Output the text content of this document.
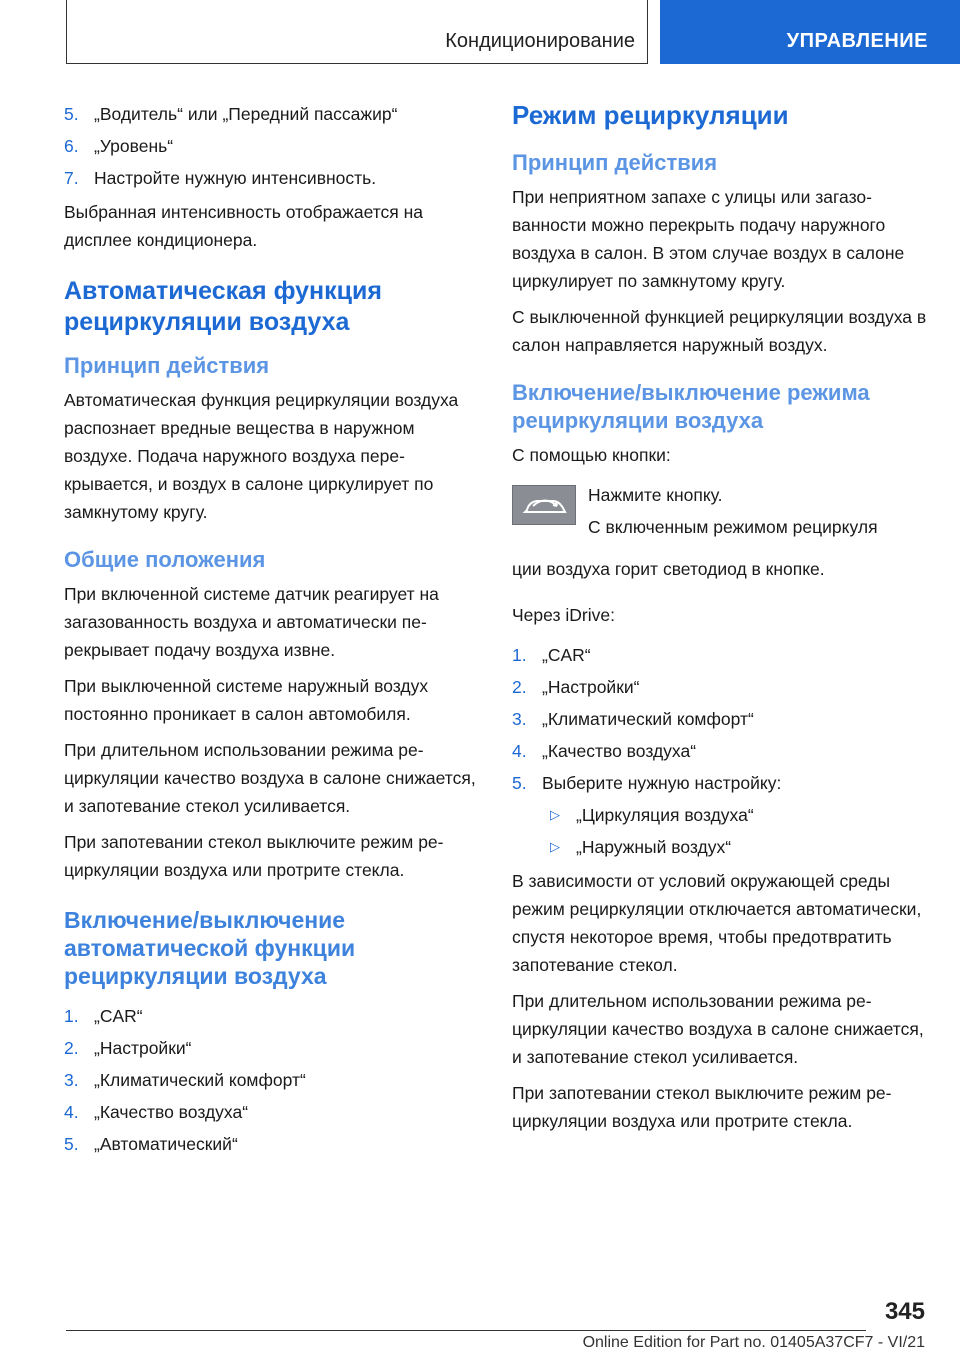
Кондиционирование	УПРАВЛЕНИЕ
5. „Водитель“ или „Передний пассажир“
6. „Уровень“
7. Настройте нужную интенсивность.

Выбранная интенсивность отображается на дисплее кондиционера.

Автоматическая функция
рециркуляции воздуха
Принцип действия

Автоматическая функция рециркуляции воздуха распознает вредные вещества в наружном воздухе. Подача наружного воздуха перекрывается, и воздух в салоне циркулирует по замкнутому кругу.

Общие положения

При включенной системе датчик реагирует на загазованность воздуха и автоматически перекрывает подачу воздуха извне.

При выключенной системе наружный воздух постоянно проникает в салон автомобиля.

При длительном использовании режима рециркуляции качество воздуха в салоне снижается, и запотевание стекол усиливается.

При запотевании стекол выключите режим рециркуляции воздуха или протрите стекла.

Включение/выключение
автоматической функции
рециркуляции воздуха
1. „CAR“
2. „Настройки“
3. „Климатический комфорт“
4. „Качество воздуха“
5. „Автоматический“
Режим рециркуляции
Принцип действия

При неприятном запахе с улицы или загазованности можно перекрыть подачу наружного воздуха в салон. В этом случае воздух в салоне циркулирует по замкнутому кругу.

С выключенной функцией рециркуляции воздуха в салон направляется наружный воздух.

Включение/выключение режима
рециркуляции воздуха

С помощью кнопки:

Нажмите кнопку.
С включенным режимом рециркуля

ции воздуха горит светодиод в кнопке.

Через iDrive:

1. „CAR“
2. „Настройки“
3. „Климатический комфорт“
4. „Качество воздуха“
5. Выберите нужную настройку:
▷ „Циркуляция воздуха“
▷ „Наружный воздух“

В зависимости от условий окружающей среды режим рециркуляции отключается автоматически, спустя некоторое время, чтобы предотвратить запотевание стекол.

При длительном использовании режима рециркуляции качество воздуха в салоне снижается, и запотевание стекол усиливается.

При запотевании стекол выключите режим рециркуляции воздуха или протрите стекла.

345
Online Edition for Part no. 01405A37CF7 - VI/21
